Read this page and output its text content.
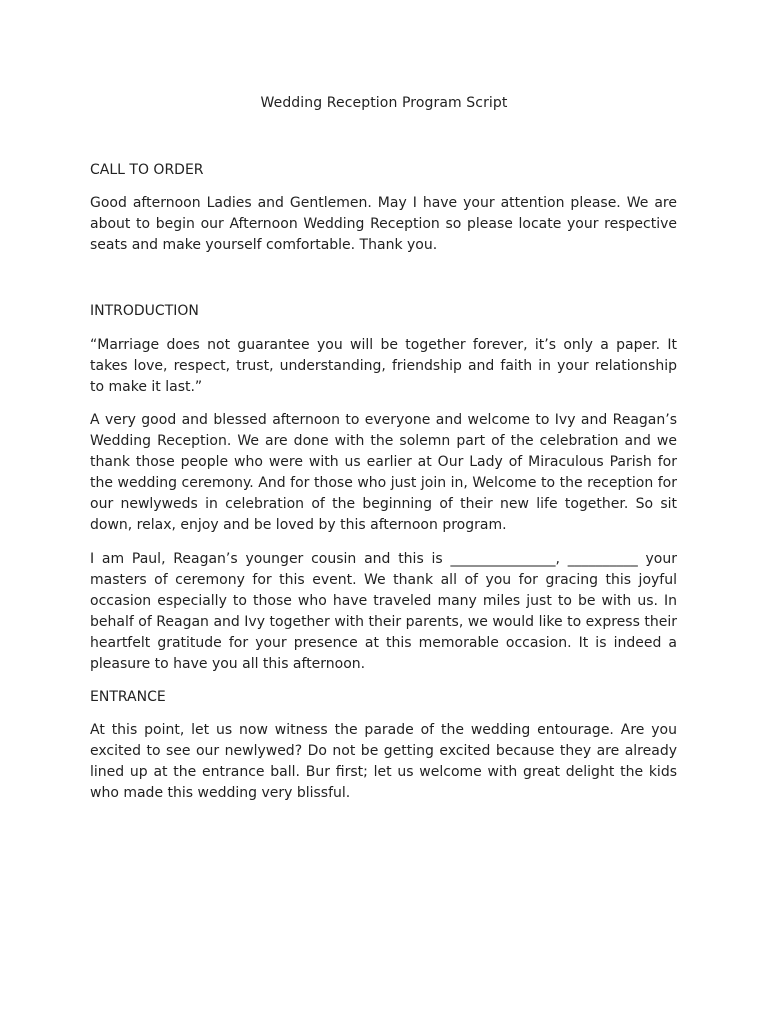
Wedding Reception Program Script

CALL TO ORDER

Good afternoon Ladies and Gentlemen. May I have your attention please. We are about to begin our Afternoon Wedding Reception so please locate your respective seats and make yourself comfortable. Thank you.

INTRODUCTION

“Marriage does not guarantee you will be together forever, it’s only a paper. It takes love, respect, trust, understanding, friendship and faith in your relationship to make it last.”

A very good and blessed afternoon to everyone and welcome to Ivy and Reagan’s Wedding Reception. We are done with the solemn part of the celebration and we thank those people who were with us earlier at Our Lady of Miraculous Parish for the wedding ceremony. And for those who just join in, Welcome to the reception for our newlyweds in celebration of the beginning of their new life together. So sit down, relax, enjoy and be loved by this afternoon program.

I am Paul, Reagan’s younger cousin and this is _______________, __________ your masters of ceremony for this event. We thank all of you for gracing this joyful occasion especially to those who have traveled many miles just to be with us. In behalf of Reagan and Ivy together with their parents, we would like to express their heartfelt gratitude for your presence at this memorable occasion. It is indeed a pleasure to have you all this afternoon.

ENTRANCE

At this point, let us now witness the parade of the wedding entourage. Are you excited to see our newlywed? Do not be getting excited because they are already lined up at the entrance ball. Bur first; let us welcome with great delight the kids who made this wedding very blissful.
